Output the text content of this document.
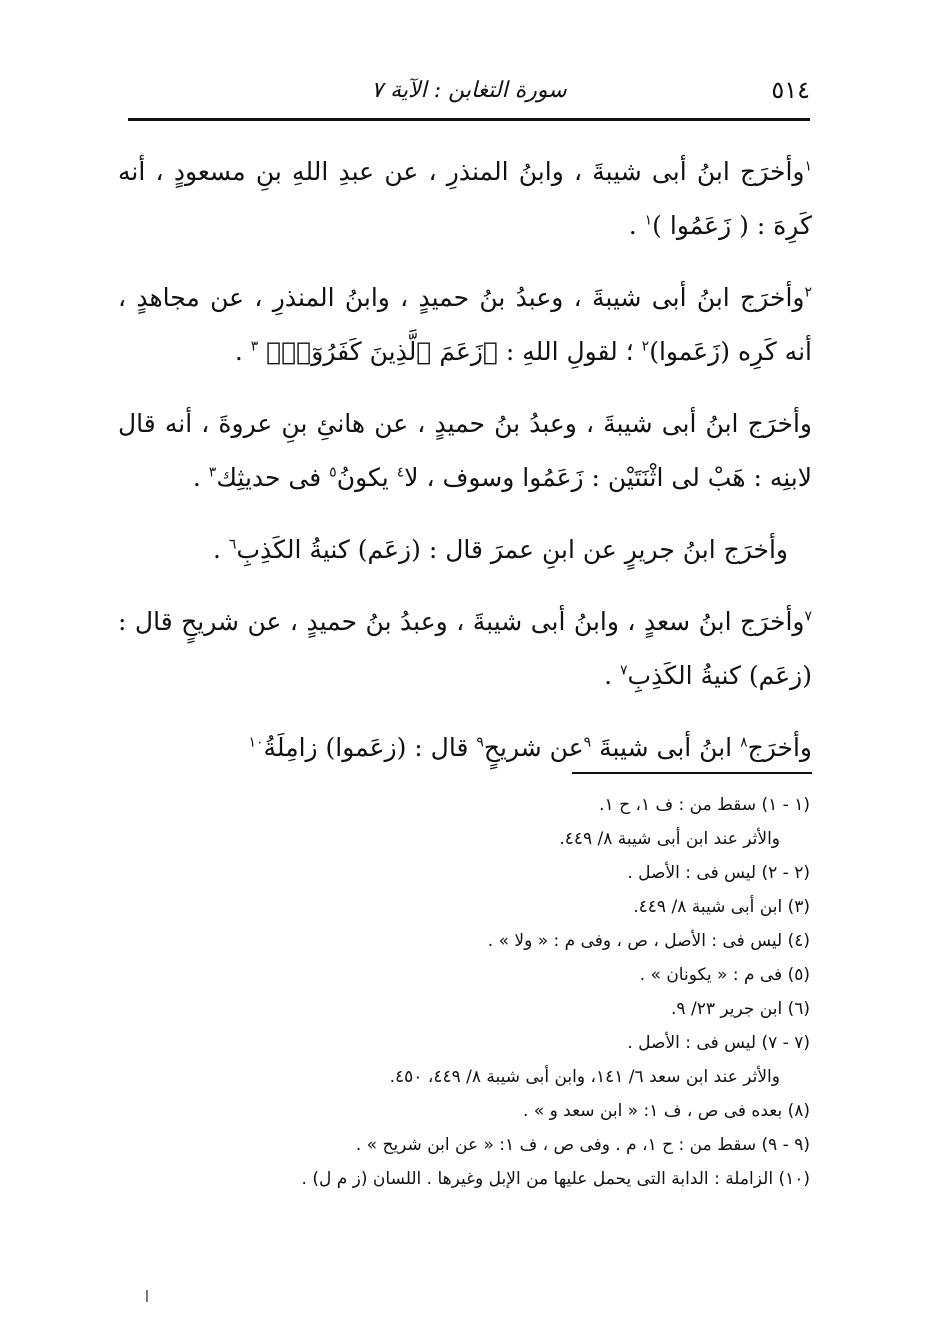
٥١٤
سورة التغابن : الآية ٧

$^١$وأخرَج ابنُ أبى شيبةَ ، وابنُ المنذرِ ، عن عبدِ اللهِ بنِ مسعودٍ ، أنه كَرِهَ : ( زَعَمُوا )$^١$ .

$^٢$وأخرَج ابنُ أبى شيبةَ ، وعبدُ بنُ حميدٍ ، وابنُ المنذرِ ، عن مجاهدٍ ، أنه كَرِه (زَعَموا)$^٢$ ؛ لقولِ اللهِ : ﴿زَعَمَ ٱلَّذِينَ كَفَرُوٓا۟﴾ $^٣$ .

وأخرَج ابنُ أبى شيبةَ ، وعبدُ بنُ حميدٍ ، عن هانئِ بنِ عروةَ ، أنه قال لابنِه : هَبْ لى اثْنَتَيْن : زَعَمُوا وسوف ، لا$^٤$ يكونُ$^٥$ فى حديثِك$^٣$ .

وأخرَج ابنُ جريرٍ عن ابنِ عمرَ قال : (زعَم) كنيةُ الكَذِبِ$^٦$ .

$^٧$وأخرَج ابنُ سعدٍ ، وابنُ أبى شيبةَ ، وعبدُ بنُ حميدٍ ، عن شريحٍ قال : (زعَم) كنيةُ الكَذِبِ$^٧$ .

وأخرَج$^٨$ ابنُ أبى شيبةَ $^٩$عن شريحٍ$^٩$ قال : (زعَموا) زامِلَةُ$^{١٠}$

(١ - ١) سقط من : ف ١، ح ١.

والأثر عند ابن أبى شيبة ٨/ ٤٤٩.

(٢ - ٢) ليس فى : الأصل .

(٣) ابن أبى شيبة ٨/ ٤٤٩.

(٤) ليس فى : الأصل ، ص ، وفى م : « ولا » .

(٥) فى م : « يكونان » .

(٦) ابن جرير ٢٣/ ٩.

(٧ - ٧) ليس فى : الأصل .

والأثر عند ابن سعد ٦/ ١٤١، وابن أبى شيبة ٨/ ٤٤٩، ٤٥٠.

(٨) بعده فى ص ، ف ١: « ابن سعد و » .

(٩ - ٩) سقط من : ح ١، م . وفى ص ، ف ١: « عن ابن شريح » .

(١٠) الزاملة : الدابة التى يحمل عليها من الإبل وغيرها . اللسان (ز م ل) .
